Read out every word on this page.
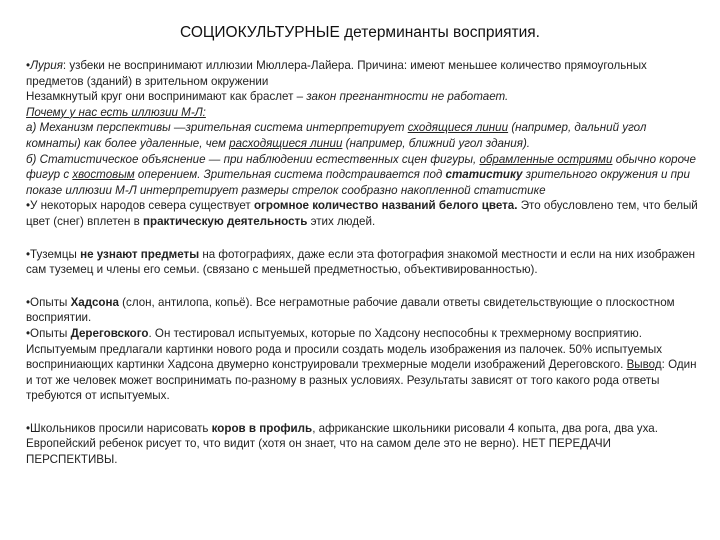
СОЦИОКУЛЬТУРНЫЕ детерминанты восприятия.

•Лурия: узбеки не воспринимают иллюзии Мюллера-Лайера. Причина: имеют меньшее количество прямоугольных предметов (зданий) в зрительном окружении

Незамкнутый круг они воспринимают как браслет – закон прегнантности не работает.

Почему у нас есть иллюзии М-Л:

а) Механизм перспективы —зрительная система интерпретирует сходящиеся линии (например, дальний угол комнаты) как более удаленные, чем расходящиеся линии (например, ближний угол здания).

б) Статистическое объяснение — при наблюдении естественных сцен фигуры, обрамленные остриями обычно короче фигур с хвостовым оперением. Зрительная система подстраивается под статистику зрительного окружения и при показе иллюзии М-Л интерпретирует размеры стрелок сообразно накопленной статистике

•У некоторых народов севера существует огромное количество названий белого цвета. Это обусловлено тем, что белый цвет (снег) вплетен в практическую деятельность этих людей.

•Туземцы не узнают предметы на фотографиях, даже если эта фотография знакомой местности и если на них изображен сам туземец и члены его семьи. (связано с меньшей предметностью, объективированностью).

•Опыты Хадсона (слон, антилопа, копьё). Все неграмотные рабочие давали ответы свидетельствующие о плоскостном восприятии.

•Опыты Дереговского. Он тестировал испытуемых, которые по Хадсону неспособны к трехмерному восприятию. Испытуемым предлагали картинки нового рода и просили создать модель изображения из палочек. 50% испытуемых восприниающих картинки Хадсона двумерно конструировали трехмерные модели изображений Дереговского. Вывод: Один и тот же человек может воспринимать по-разному в разных условиях. Результаты зависят от того какого рода ответы требуются от испытуемых.

•Школьников просили нарисовать коров в профиль, африканские школьники рисовали 4 копыта, два рога, два уха. Европейский ребенок рисует то, что видит (хотя он знает, что на самом деле это не верно). НЕТ ПЕРЕДАЧИ ПЕРСПЕКТИВЫ.
